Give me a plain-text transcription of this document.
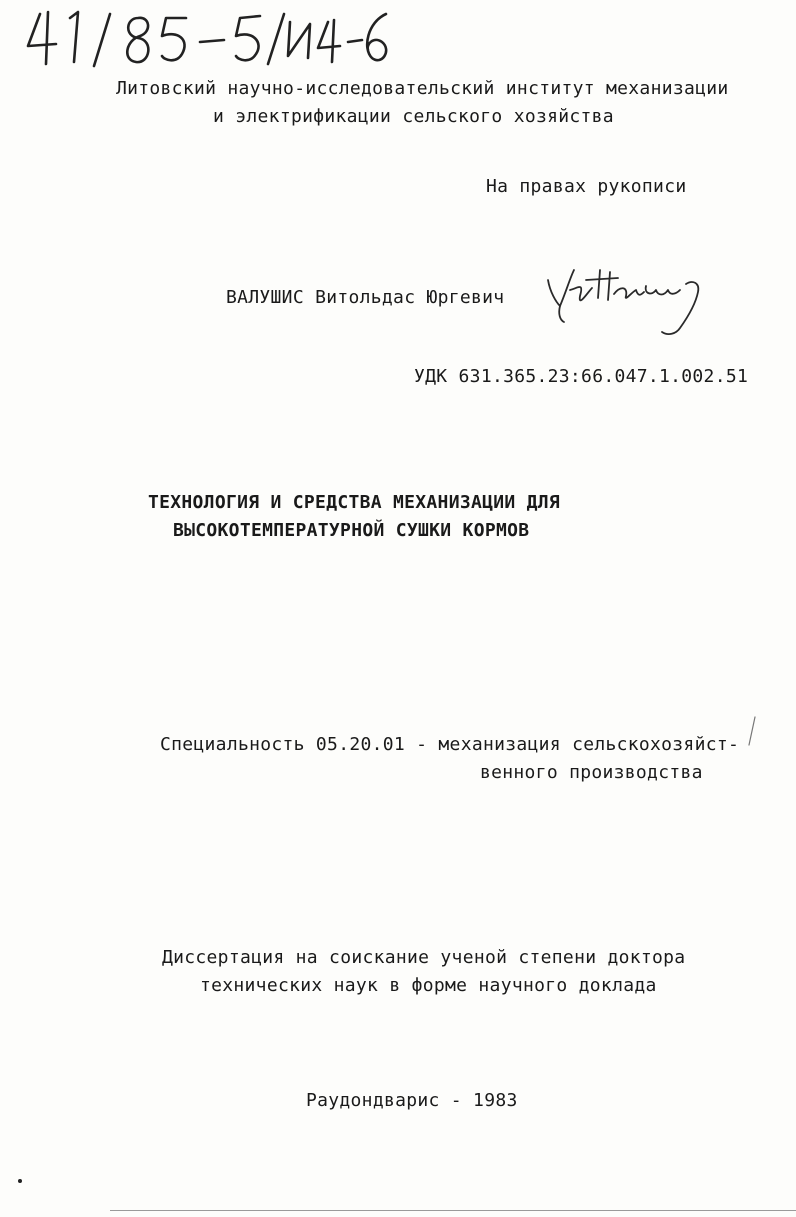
Литовский научно-исследовательский институт механизации
и электрификации сельского хозяйства
На правах рукописи
ВАЛУШИС Витольдас Юргевич
УДК 631.365.23:66.047.1.002.51
ТЕХНОЛОГИЯ И СРЕДСТВА МЕХАНИЗАЦИИ ДЛЯ
ВЫСОКОТЕМПЕРАТУРНОЙ СУШКИ КОРМОВ
Специальность 05.20.01 - механизация сельскохозяйст-
венного производства
Диссертация на соискание ученой степени доктора
технических наук в форме научного доклада
Раудондварис - 1983
